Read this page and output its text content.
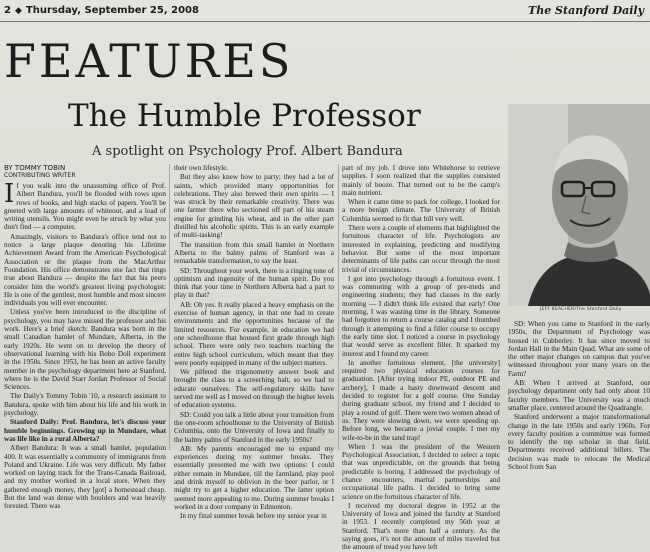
2 ◆ Thursday, September 25, 2008	The Stanford Daily
FEATURES
The Humble Professor
A spotlight on Psychology Prof. Albert Bandura
BY TOMMY TOBIN
CONTRIBUTING WRITER

If you walk into the unassuming office of Prof. Albert Bandura, you'll be flooded with rows upon rows of books, and high stacks of papers. You'll be greeted with large amounts of whiteout, and a load of writing utensils. You might even be struck by what you don't find — a computer.

Amazingly, visitors to Bandura's office tend not to notice a large plaque denoting his Lifetime Achievement Award from the American Psychological Association or the plaque from the MacArthur Foundation. His office demonstrates one fact that rings true about Bandura — despite the fact that his peers consider him the world's greatest living psychologist: He is one of the gentlest, most humble and most sincere individuals you will ever encounter.

Unless you've been introduced to the discipline of psychology, you may have missed the professor and his work. Here's a brief sketch: Bandura was born in the small Canadian hamlet of Mundare, Alberta, in the early 1920s. He went on to develop the theory of observational learning with his Bobo Doll experiment in the 1950s. Since 1953, he has been an active faculty member in the psychology department here at Stanford, where he is the David Starr Jordan Professor of Social Sciences.

The Daily's Tommy Tobin '10, a research assistant to Bandura, spoke with him about his life and his work in psychology.

Stanford Daily: Prof. Bandura, let's discuss your humble beginnings. Growing up in Mundare, what was life like in a rural Alberta?

Albert Bandura: It was a small hamlet, population 400. It was essentially a community of immigrants from Poland and Ukraine. Life was very difficult. My father worked on laying track for the Trans-Canada Railroad, and my mother worked in a local store. When they gathered enough money, they [got] a homestead cheap. But the land was dense with boulders and was heavily forested. There was

their own lifestyle.

But they also knew how to party; they had a lot of saints, which provided many opportunities for celebrations. They also brewed their own spirits — I was struck by their remarkable creativity. There was one farmer there who sectioned off part of his steam engine for grinding his wheat, and in the other part distilled his alcoholic spirits. This is an early example of multi-tasking!

The transition from this small hamlet in Northern Alberta to the balmy palms of Stanford was a remarkable transformation, to say the least.

SD: Throughout your work, there is a ringing tone of optimism and ingenuity of the human spirit. Do you think that your time in Northern Alberta had a part to play in that?

AB: Oh yes. It really placed a heavy emphasis on the exercise of human agency, in that one had to create environments and the opportunities because of the limited resources. For example, in education we had one schoolhouse that housed first grade through high school. There were only two teachers teaching the entire high school curriculum, which meant that they were poorly equipped in many of the subject matters.

We pilfered the trigonometry answer book and brought the class to a screeching halt, so we had to educate ourselves. The self-regulatory skills have served me well as I moved on through the higher levels of education systems.

SD: Could you talk a little about your transition from the one-room schoolhouse to the University of British Columbia, onto the University of Iowa and finally to the balmy palms of Stanford in the early 1950s?

AB: My parents encouraged me to expand my experiences during my summer breaks. They essentially presented me with two options: I could either remain in Mundare, till the farmland, play pool and drink myself to oblivion in the beer parlor, or I might try to get a higher education. The latter option seemed more appealing to me. During summer breaks I worked in a door company in Edmonton.

In my final summer break before my senior year in

part of my job. I drove into Whitehorse to retrieve supplies. I soon realized that the supplies consisted mainly of booze. That turned out to be the camp's main nutrient.

When it came time to pack for college, I looked for a more benign climate. The University of British Columbia seemed to fit that bill very well.

There were a couple of elements that highlighted the fortuitous character of life. Psychologists are interested in explaining, predicting and modifying behavior. But some of the most important determinants of life paths can occur through the most trivial of circumstances.

I got into psychology through a fortuitous event. I was commuting with a group of pre-meds and engineering students; they had classes in the early morning — I didn't think life existed that early! One morning, I was wasting time in the library. Someone had forgotten to return a course catalog and I thumbed through it attempting to find a filler course to occupy the early time slot. I noticed a course in psychology that would serve as excellent filler. It sparked my interest and I found my career.

In another fortuitous element, [the university] required two physical education courses for graduation. [After trying indoor PE, outdoor PE and archery], I made a hasty downward descent and decided to register for a golf course. One Sunday during graduate school, my friend and I decided to play a round of golf. There were two women ahead of us. They were slowing down, we were speeding up. Before long, we became a jovial couple. I met my wife-to-be in the sand trap!

When I was the president of the Western Psychological Association, I decided to select a topic that was unpredictable, on the grounds that being predictable is boring. I addressed the psychology of chance encounters, marital partnerships and occupational life paths. I decided to bring some science on the fortuitous character of life.

I received my doctoral degree in 1952 at the University of Iowa and joined the faculty at Stanford in 1953. I recently completed my 56th year at Stanford. That's more than half a century. As the saying goes, it's not the amount of miles traveled but the amount of tread you have left

JEFF KEACHER/The Stanford Daily

SD: When you came to Stanford in the early 1950s, the Department of Psychology was housed in Cubberley. It has since moved to Jordan Hall in the Main Quad. What are some of the other major changes on campus that you've witnessed throughout your many years on the Farm?

AB: When I arrived at Stanford, our psychology department only had only about 10 faculty members. The University was a much smaller place, centered around the Quadrangle.

Stanford underwent a major transformational change in the late 1950s and early 1960s. For every faculty position a committee was formed to identify the top scholar in that field. Departments received additional billets. The decision was made to relocate the Medical School from San
